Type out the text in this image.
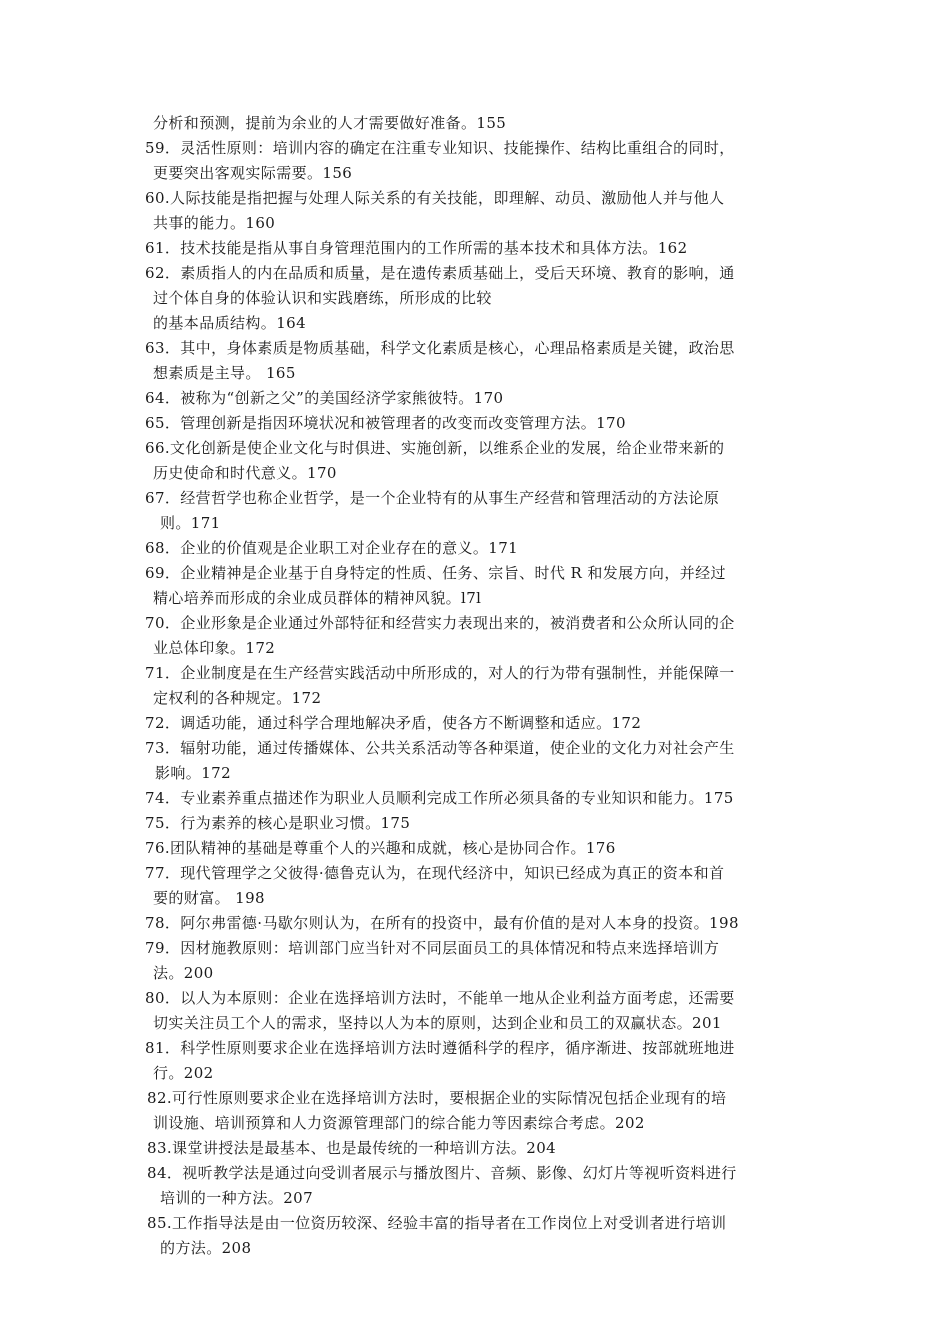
分析和预测，提前为余业的人才需要做好准备。155
59．灵活性原则：培训内容的确定在注重专业知识、技能操作、结构比重组合的同时，
更要突出客观实际需要。156
60.人际技能是指把握与处理人际关系的有关技能，即理解、动员、激励他人并与他人
共事的能力。160
61．技术技能是指从事自身管理范围内的工作所需的基本技术和具体方法。162
62．素质指人的内在品质和质量，是在遗传素质基础上，受后天环境、教育的影响，通
过个体自身的体验认识和实践磨练，所形成的比较
的基本品质结构。164
63．其中，身体素质是物质基础，科学文化素质是核心，心理品格素质是关键，政治思
想素质是主导。 165
64．被称为“创新之父”的美国经济学家熊彼特。170
65．管理创新是指因环境状况和被管理者的改变而改变管理方法。170
66.文化创新是使企业文化与时俱进、实施创新，以维系企业的发展，给企业带来新的
历史使命和时代意义。170
67．经营哲学也称企业哲学，是一个企业特有的从事生产经营和管理活动的方法论原
则。171
68．企业的价值观是企业职工对企业存在的意义。171
69．企业精神是企业基于自身特定的性质、任务、宗旨、时代 R 和发展方向，并经过
精心培养而形成的余业成员群体的精神风貌。l7l
70．企业形象是企业通过外部特征和经营实力表现出来的，被消费者和公众所认同的企
业总体印象。172
71．企业制度是在生产经营实践活动中所形成的，对人的行为带有强制性，并能保障一
定权利的各种规定。172
72．调适功能，通过科学合理地解决矛盾，使各方不断调整和适应。172
73．辐射功能，通过传播媒体、公共关系活动等各种渠道，使企业的文化力对社会产生
影响。172
74．专业素养重点描述作为职业人员顺利完成工作所必须具备的专业知识和能力。175
75．行为素养的核心是职业习惯。175
76.团队精神的基础是尊重个人的兴趣和成就，核心是协同合作。176
77．现代管理学之父彼得·德鲁克认为，在现代经济中，知识已经成为真正的资本和首
要的财富。 198
78．阿尔弗雷德·马歇尔则认为，在所有的投资中，最有价值的是对人本身的投资。198
79．因材施教原则：培训部门应当针对不同层面员工的具体情况和特点来选择培训方
法。200
80．以人为本原则：企业在选择培训方法时，不能单一地从企业利益方面考虑，还需要
切实关注员工个人的需求，坚持以人为本的原则，达到企业和员工的双赢状态。201
81．科学性原则要求企业在选择培训方法时遵循科学的程序，循序渐进、按部就班地进
行。202
82.可行性原则要求企业在选择培训方法时，要根据企业的实际情况包括企业现有的培
训设施、培训预算和人力资源管理部门的综合能力等因素综合考虑。202
83.课堂讲授法是最基本、也是最传统的一种培训方法。204
84．视听教学法是通过向受训者展示与播放图片、音频、影像、幻灯片等视听资料进行
培训的一种方法。207
85.工作指导法是由一位资历较深、经验丰富的指导者在工作岗位上对受训者进行培训
的方法。208
